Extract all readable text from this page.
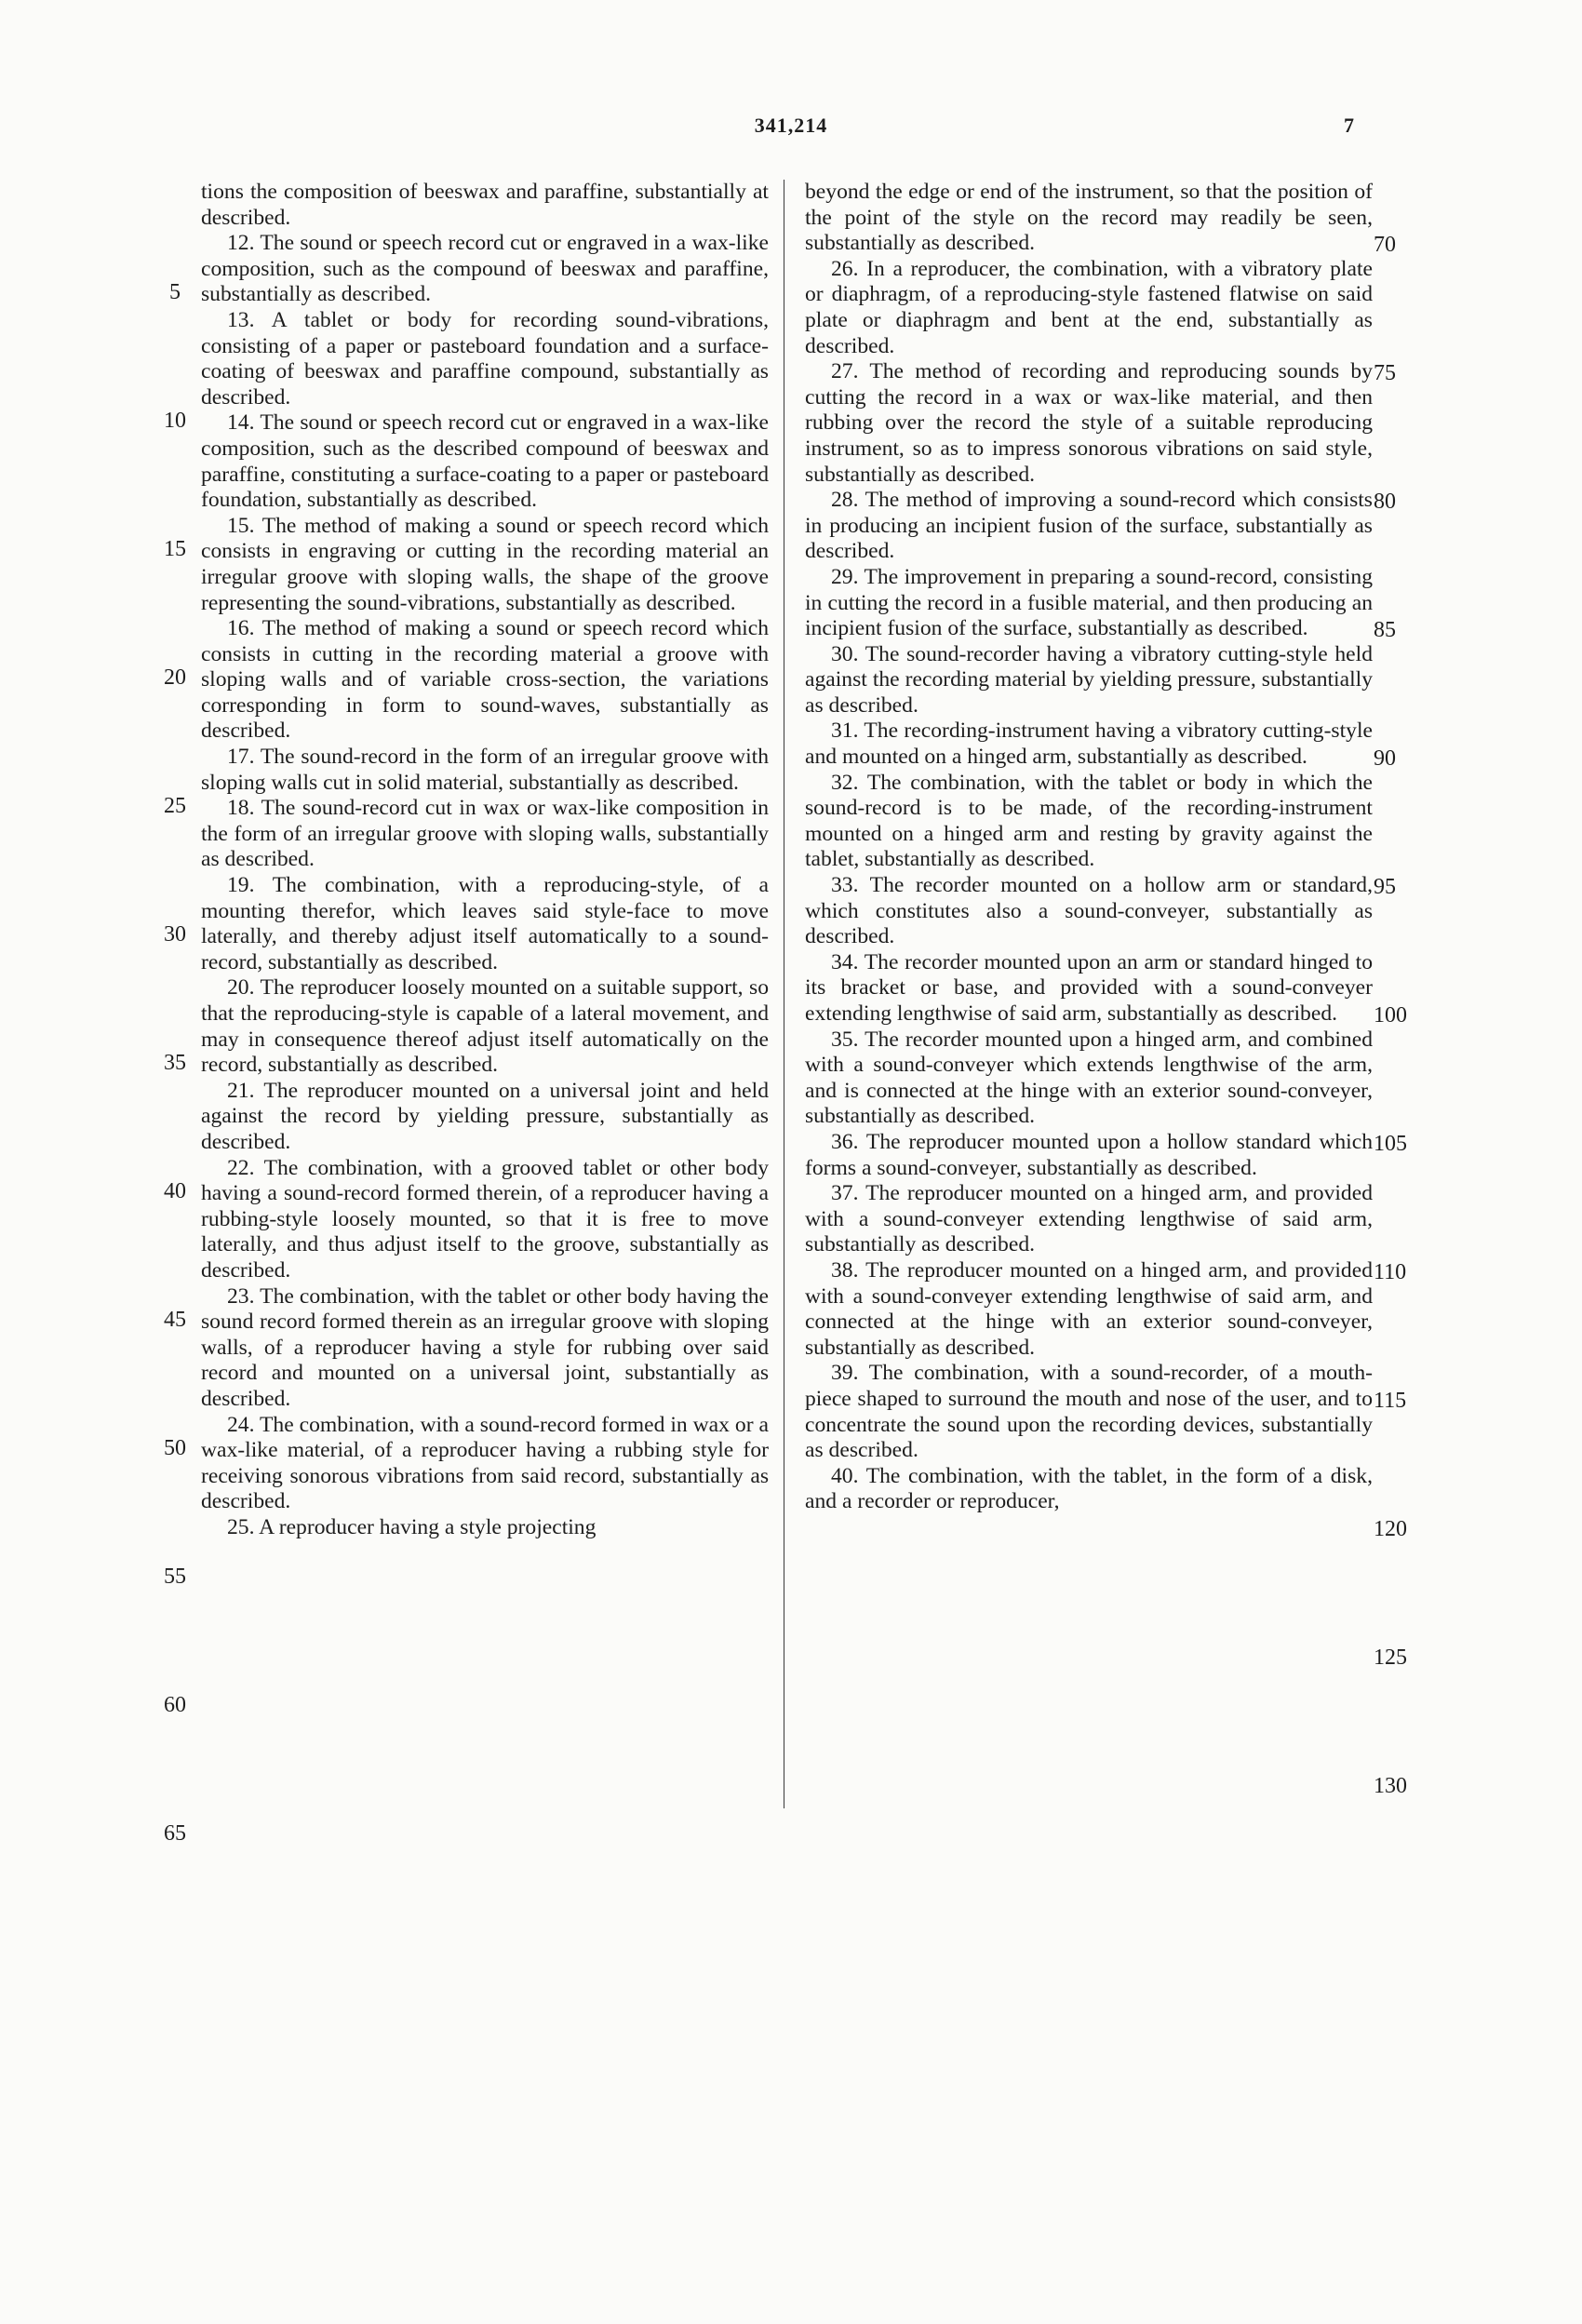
341,214	7

tions the composition of beeswax and paraffine, substantially at described.

12. The sound or speech record cut or engraved in a wax-like composition, such as the compound of beeswax and paraffine, substantially as described.

13. A tablet or body for recording sound-vibrations, consisting of a paper or pasteboard foundation and a surface-coating of beeswax and paraffine compound, substantially as described.

14. The sound or speech record cut or engraved in a wax-like composition, such as the described compound of beeswax and paraffine, constituting a surface-coating to a paper or pasteboard foundation, substantially as described.

15. The method of making a sound or speech record which consists in engraving or cutting in the recording material an irregular groove with sloping walls, the shape of the groove representing the sound-vibrations, substantially as described.

16. The method of making a sound or speech record which consists in cutting in the recording material a groove with sloping walls and of variable cross-section, the variations corresponding in form to sound-waves, substantially as described.

17. The sound-record in the form of an irregular groove with sloping walls cut in solid material, substantially as described.

18. The sound-record cut in wax or wax-like composition in the form of an irregular groove with sloping walls, substantially as described.

19. The combination, with a reproducing-style, of a mounting therefor, which leaves said style-face to move laterally, and thereby adjust itself automatically to a sound-record, substantially as described.

20. The reproducer loosely mounted on a suitable support, so that the reproducing-style is capable of a lateral movement, and may in consequence thereof adjust itself automatically on the record, substantially as described.

21. The reproducer mounted on a universal joint and held against the record by yielding pressure, substantially as described.

22. The combination, with a grooved tablet or other body having a sound-record formed therein, of a reproducer having a rubbing-style loosely mounted, so that it is free to move laterally, and thus adjust itself to the groove, substantially as described.

23. The combination, with the tablet or other body having the sound record formed therein as an irregular groove with sloping walls, of a reproducer having a style for rubbing over said record and mounted on a universal joint, substantially as described.

24. The combination, with a sound-record formed in wax or a wax-like material, of a reproducer having a rubbing style for receiving sonorous vibrations from said record, substantially as described.

25. A reproducer having a style projecting

beyond the edge or end of the instrument, so that the position of the point of the style on the record may readily be seen, substantially as described.

26. In a reproducer, the combination, with a vibratory plate or diaphragm, of a reproducing-style fastened flatwise on said plate or diaphragm and bent at the end, substantially as described.

27. The method of recording and reproducing sounds by cutting the record in a wax or wax-like material, and then rubbing over the record the style of a suitable reproducing instrument, so as to impress sonorous vibrations on said style, substantially as described.

28. The method of improving a sound-record which consists in producing an incipient fusion of the surface, substantially as described.

29. The improvement in preparing a sound-record, consisting in cutting the record in a fusible material, and then producing an incipient fusion of the surface, substantially as described.

30. The sound-recorder having a vibratory cutting-style held against the recording material by yielding pressure, substantially as described.

31. The recording-instrument having a vibratory cutting-style and mounted on a hinged arm, substantially as described.

32. The combination, with the tablet or body in which the sound-record is to be made, of the recording-instrument mounted on a hinged arm and resting by gravity against the tablet, substantially as described.

33. The recorder mounted on a hollow arm or standard, which constitutes also a sound-conveyer, substantially as described.

34. The recorder mounted upon an arm or standard hinged to its bracket or base, and provided with a sound-conveyer extending lengthwise of said arm, substantially as described.

35. The recorder mounted upon a hinged arm, and combined with a sound-conveyer which extends lengthwise of the arm, and is connected at the hinge with an exterior sound-conveyer, substantially as described.

36. The reproducer mounted upon a hollow standard which forms a sound-conveyer, substantially as described.

37. The reproducer mounted on a hinged arm, and provided with a sound-conveyer extending lengthwise of said arm, substantially as described.

38. The reproducer mounted on a hinged arm, and provided with a sound-conveyer extending lengthwise of said arm, and connected at the hinge with an exterior sound-conveyer, substantially as described.

39. The combination, with a sound-recorder, of a mouth-piece shaped to surround the mouth and nose of the user, and to concentrate the sound upon the recording devices, substantially as described.

40. The combination, with the tablet, in the form of a disk, and a recorder or reproducer,

5
10
15
20
25
30
35
40
45
50
55
60
65
70
75
80
85
90
95
100
105
110
115
120
125
130
